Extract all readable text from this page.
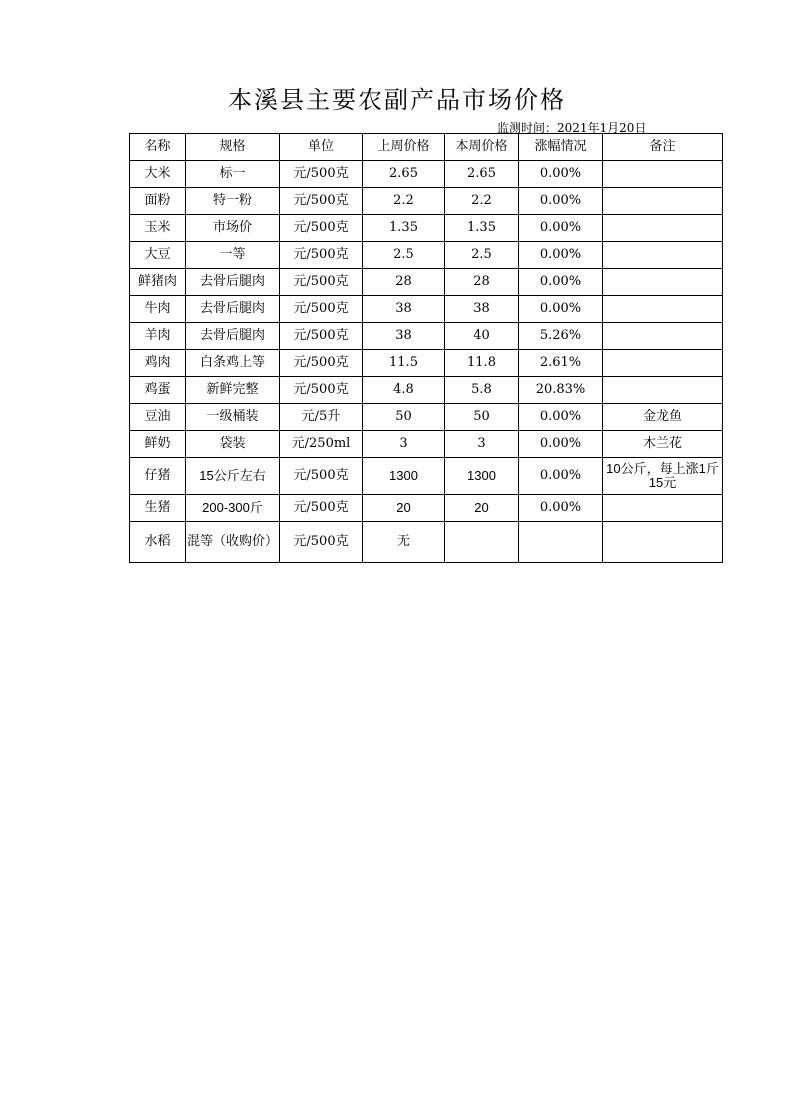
本溪县主要农副产品市场价格
监测时间：2021年1月20日
名称	规格	单位	上周价格	本周价格	涨幅情况	备注
大米	标一	元/500克	2.65	2.65	0.00%	
面粉	特一粉	元/500克	2.2	2.2	0.00%	
玉米	市场价	元/500克	1.35	1.35	0.00%	
大豆	一等	元/500克	2.5	2.5	0.00%	
鲜猪肉	去骨后腿肉	元/500克	28	28	0.00%	
牛肉	去骨后腿肉	元/500克	38	38	0.00%	
羊肉	去骨后腿肉	元/500克	38	40	5.26%	
鸡肉	白条鸡上等	元/500克	11.5	11.8	2.61%	
鸡蛋	新鲜完整	元/500克	4.8	5.8	20.83%	
豆油	一级桶装	元/5升	50	50	0.00%	金龙鱼
鲜奶	袋装	元/250ml	3	3	0.00%	木兰花
仔猪	15公斤左右	元/500克	1300	1300	0.00%	10公斤，每上涨1斤15元
生猪	200-300斤	元/500克	20	20	0.00%	
水稻	混等（收购价）	元/500克	无			
